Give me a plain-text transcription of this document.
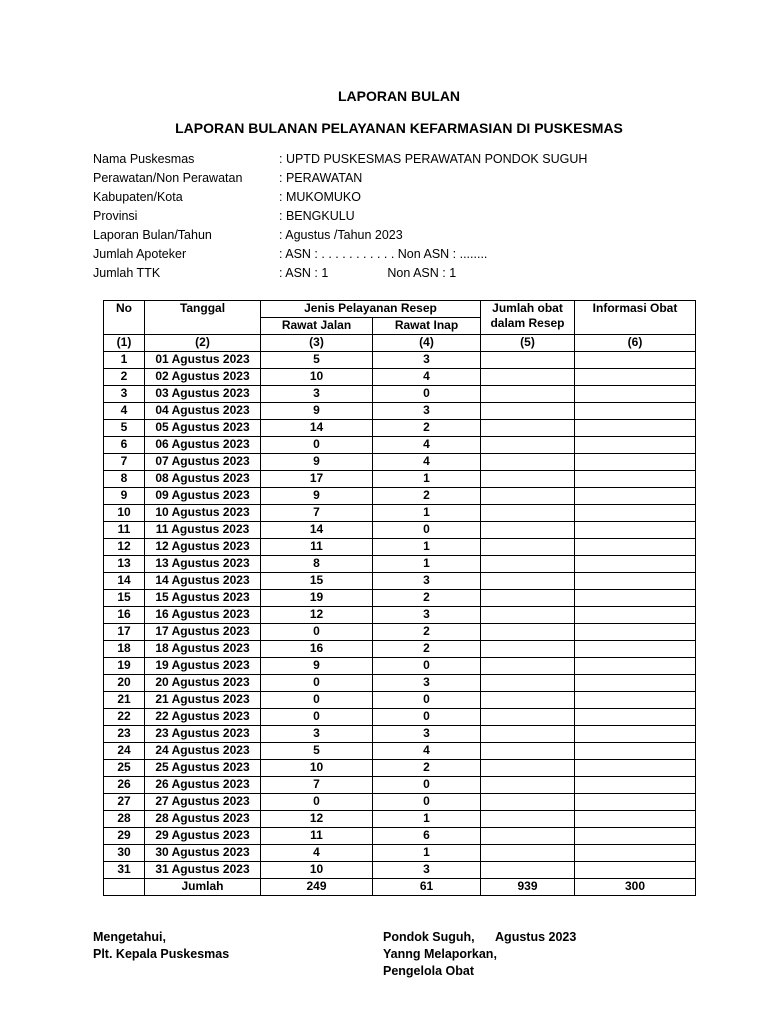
LAPORAN BULAN
LAPORAN BULANAN PELAYANAN KEFARMASIAN DI PUSKESMAS
Nama Puskesmas	: UPTD PUSKESMAS PERAWATAN PONDOK SUGUH
Perawatan/Non Perawatan	: PERAWATAN
Kabupaten/Kota	: MUKOMUKO
Provinsi	: BENGKULU
Laporan Bulan/Tahun	: Agustus /Tahun 2023
Jumlah Apoteker	: ASN : . . . . . . . . . . . Non ASN : ........
Jumlah TTK	: ASN : 1                 Non ASN : 1
No	Tanggal	Jenis Pelayanan Resep		Jumlah obat dalam Resep	Informasi Obat
		Rawat Jalan	Rawat Inap		
(1)	(2)	(3)	(4)	(5)	(6)
1	01 Agustus 2023	5	3		
2	02 Agustus 2023	10	4		
3	03 Agustus 2023	3	0		
4	04 Agustus 2023	9	3		
5	05 Agustus 2023	14	2		
6	06 Agustus 2023	0	4		
7	07 Agustus 2023	9	4		
8	08 Agustus 2023	17	1		
9	09 Agustus 2023	9	2		
10	10 Agustus 2023	7	1		
11	11 Agustus 2023	14	0		
12	12 Agustus 2023	11	1		
13	13 Agustus 2023	8	1		
14	14 Agustus 2023	15	3		
15	15 Agustus 2023	19	2		
16	16 Agustus 2023	12	3		
17	17 Agustus 2023	0	2		
18	18 Agustus 2023	16	2		
19	19 Agustus 2023	9	0		
20	20 Agustus 2023	0	3		
21	21 Agustus 2023	0	0		
22	22 Agustus 2023	0	0		
23	23 Agustus 2023	3	3		
24	24 Agustus 2023	5	4		
25	25 Agustus 2023	10	2		
26	26 Agustus 2023	7	0		
27	27 Agustus 2023	0	0		
28	28 Agustus 2023	12	1		
29	29 Agustus 2023	11	6		
30	30 Agustus 2023	4	1		
31	31 Agustus 2023	10	3		
	Jumlah	249	61	939	300
Mengetahui,
Plt. Kepala Puskesmas
Pondok Suguh,      Agustus 2023
Yanng Melaporkan,
Pengelola Obat
